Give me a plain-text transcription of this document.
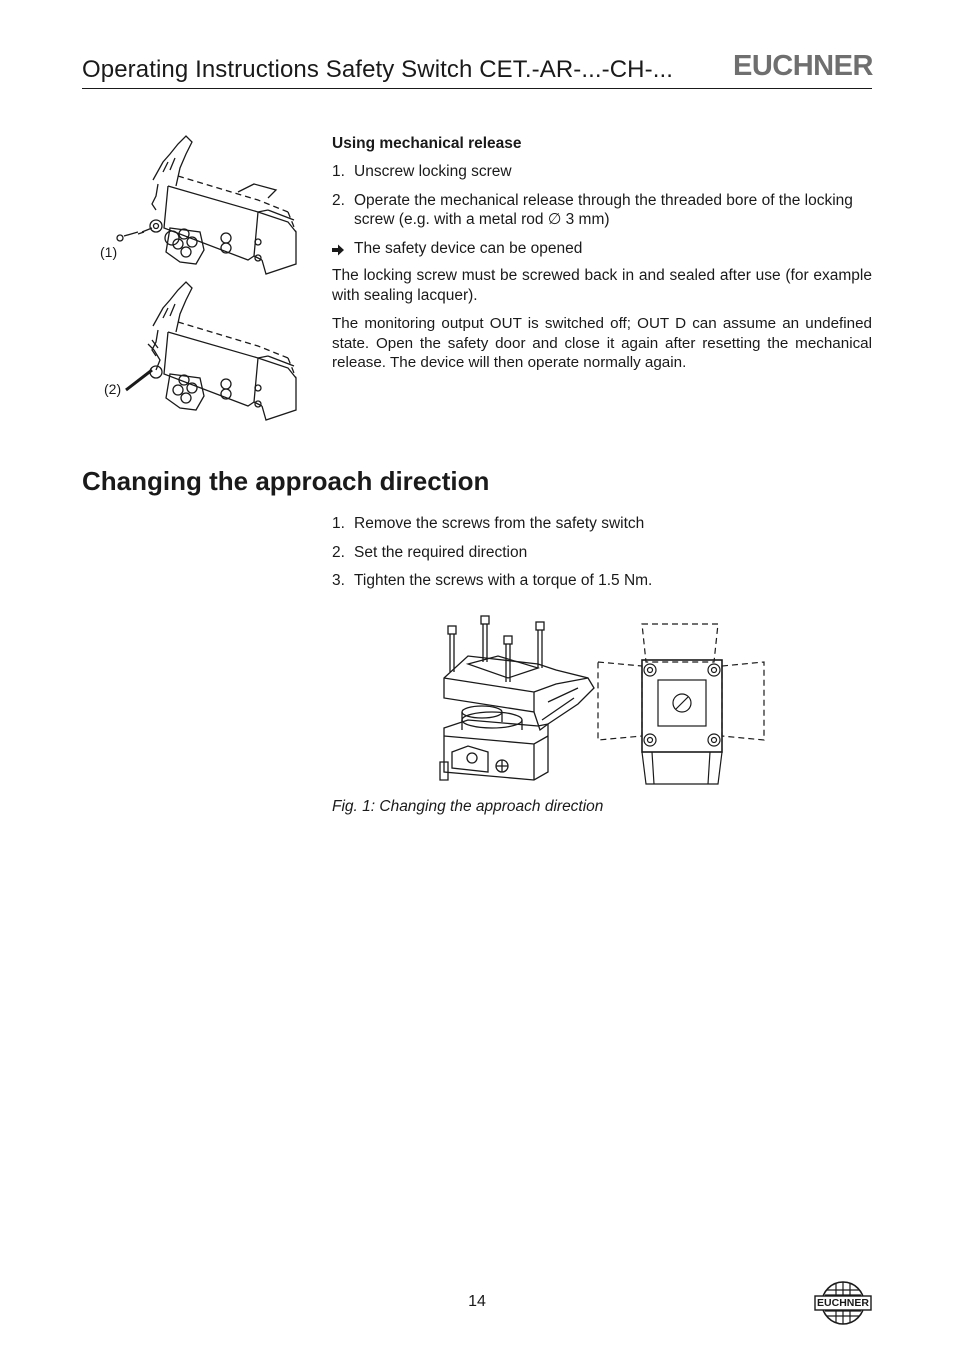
Operating Instructions Safety Switch CET.-AR-...-CH-... EUCHNER
(1)
(2)
Using mechanical release
1. Unscrew locking screw
2. Operate the mechanical release through the threaded bore of the locking screw (e.g. with a metal rod ∅ 3 mm)
The safety device can be opened
The locking screw must be screwed back in and sealed after use (for example with sealing lacquer).
The monitoring output OUT is switched off; OUT D can assume an undefined state. Open the safety door and close it again after resetting the mechanical release. The device will then operate normally again.
Changing the approach direction
1. Remove the screws from the safety switch
2. Set the required direction
3. Tighten the screws with a torque of 1.5 Nm.
Fig. 1: Changing the approach direction
14	EUCHNER
